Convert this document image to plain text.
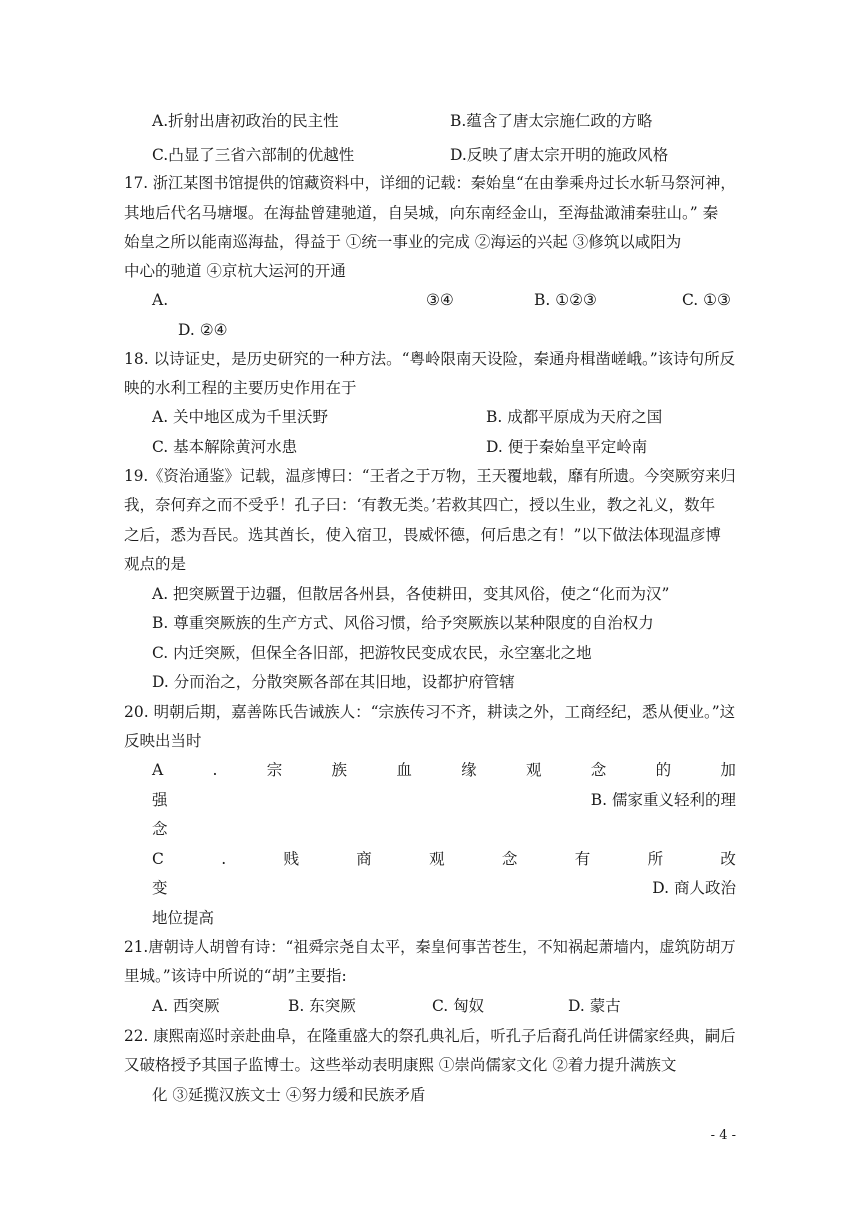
A.折射出唐初政治的民主性	B.蕴含了唐太宗施仁政的方略
C.凸显了三省六部制的优越性	D.反映了唐太宗开明的施政风格
17. 浙江某图书馆提供的馆藏资料中，详细的记载：秦始皇“在由拳乘舟过长水斩马祭河神，
其地后代名马塘堰。在海盐曾建驰道，自吴城，向东南经金山，至海盐澉浦秦驻山。” 秦
始皇之所以能南巡海盐，得益于 ①统一事业的完成 ②海运的兴起 ③修筑以咸阳为
中心的驰道 ④京杭大运河的开通
A.	③④	B. ①②③	C. ①③
D. ②④
18. 以诗证史，是历史研究的一种方法。“粤岭限南天设险，秦通舟楫凿嵯峨。”该诗句所反
映的水利工程的主要历史作用在于
A. 关中地区成为千里沃野	B. 成都平原成为天府之国
C. 基本解除黄河水患	D. 便于秦始皇平定岭南
19.《资治通鉴》记载，温彦博曰：“王者之于万物，王天覆地载，靡有所遗。今突厥穷来归
我，奈何弃之而不受乎！孔子曰：‘有教无类。’若救其四亡，授以生业，教之礼义，数年
之后，悉为吾民。选其酋长，使入宿卫，畏威怀德，何后患之有！”以下做法体现温彦博
观点的是
A. 把突厥置于边疆，但散居各州县，各使耕田，变其风俗，使之“化而为汉”
B. 尊重突厥族的生产方式、风俗习惯，给予突厥族以某种限度的自治权力
C. 内迁突厥，但保全各旧部，把游牧民变成农民，永空塞北之地
D. 分而治之，分散突厥各部在其旧地，设都护府管辖
20. 明朝后期，嘉善陈氏告诫族人：“宗族传习不齐，耕读之外，工商经纪，悉从便业。”这
反映出当时
A	.	宗	族	血	缘	观	念	的	加
强	B. 儒家重义轻利的理
念
C	.	贱	商	观	念	有	所	改
变	D. 商人政治
地位提高
21.唐朝诗人胡曾有诗：“祖舜宗尧自太平，秦皇何事苦苍生，不知祸起萧墙内，虚筑防胡万
里城。”该诗中所说的“胡”主要指:
A. 西突厥	B. 东突厥	C. 匈奴	D. 蒙古
22. 康熙南巡时亲赴曲阜，在隆重盛大的祭孔典礼后，听孔子后裔孔尚任讲儒家经典，嗣后
又破格授予其国子监博士。这些举动表明康熙 ①崇尚儒家文化 ②着力提升满族文
化 ③延揽汉族文士 ④努力缓和民族矛盾
- 4 -
